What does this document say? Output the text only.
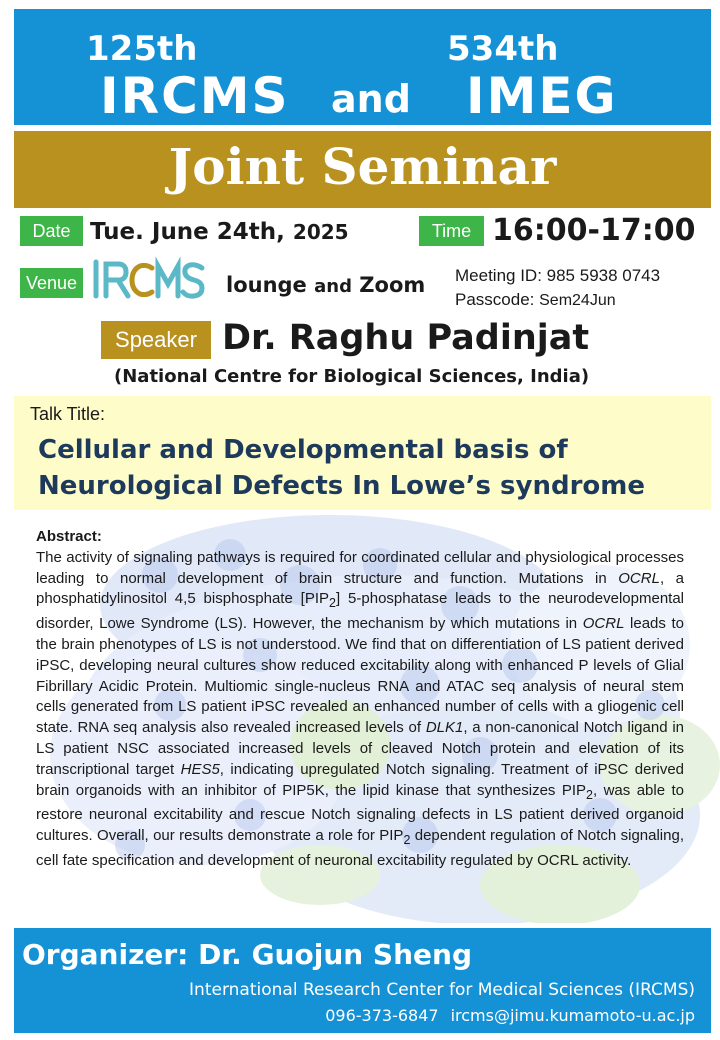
125th
IRCMS and
534th
IMEG
Joint Seminar
Date Tue. June 24th, 2025	Time 16:00-17:00
Venue	lounge and Zoom Meeting ID: 985 5938 0743
Passcode: Sem24Jun
Speaker Dr. Raghu Padinjat
(National Centre for Biological Sciences, India)
Talk Title:
Cellular and Developmental basis of
Neurological Defects In Lowe’s syndrome
Abstract:
The activity of signaling pathways is required for coordinated cellular and physiological processes leading to normal development of brain structure and function. Mutations in OCRL, a phosphatidylinositol 4,5 bisphosphate $[PIP_2]$ 5-phosphatase leads to the neurodevelopmental disorder, Lowe Syndrome (LS). However, the mechanism by which mutations in OCRL leads to the brain phenotypes of LS is not understood. We find that on differentiation of LS patient derived iPSC, developing neural cultures show reduced excitability along with enhanced P levels of Glial Fibrillary Acidic Protein. Multiomic single-nucleus RNA and ATAC seq analysis of neural stem cells generated from LS patient iPSC revealed an enhanced number of cells with a gliogenic cell state. RNA seq analysis also revealed increased levels of DLK1, a non-canonical Notch ligand in LS patient NSC associated increased levels of cleaved Notch protein and elevation of its transcriptional target HES5, indicating upregulated Notch signaling. Treatment of iPSC derived brain organoids with an inhibitor of PIP5K, the lipid kinase that synthesizes $PIP_2$, was able to restore neuronal excitability and rescue Notch signaling defects in LS patient derived organoid cultures. Overall, our results demonstrate a role for $PIP_2$ dependent regulation of Notch signaling, cell fate specification and development of neuronal excitability regulated by OCRL activity.
Organizer: Dr. Guojun Sheng
International Research Center for Medical Sciences (IRCMS)
096-373-6847 ircms@jimu.kumamoto-u.ac.jp
